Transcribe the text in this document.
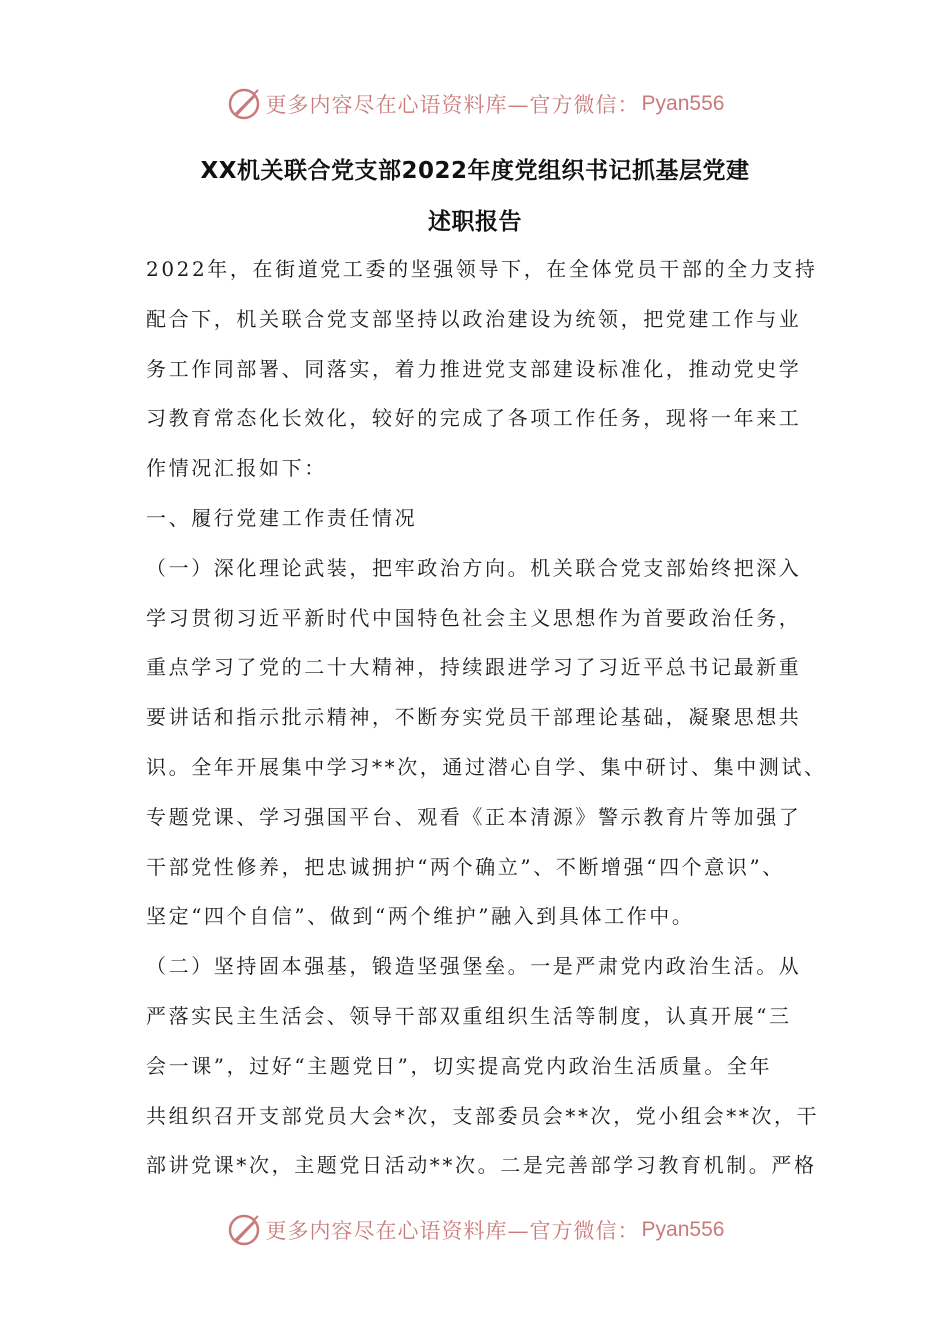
更多内容尽在心语资料库—官方微信： Pyan556
XX机关联合党支部2022年度党组织书记抓基层党建
述职报告
2022年，在街道党工委的坚强领导下，在全体党员干部的全力支持
配合下，机关联合党支部坚持以政治建设为统领，把党建工作与业
务工作同部署、同落实，着力推进党支部建设标准化，推动党史学
习教育常态化长效化，较好的完成了各项工作任务，现将一年来工
作情况汇报如下：
一、履行党建工作责任情况
（一）深化理论武装，把牢政治方向。机关联合党支部始终把深入
学习贯彻习近平新时代中国特色社会主义思想作为首要政治任务，
重点学习了党的二十大精神，持续跟进学习了习近平总书记最新重
要讲话和指示批示精神，不断夯实党员干部理论基础，凝聚思想共
识。全年开展集中学习**次，通过潜心自学、集中研讨、集中测试、
专题党课、学习强国平台、观看《正本清源》警示教育片等加强了
干部党性修养，把忠诚拥护“两个确立”、不断增强“四个意识”、
坚定“四个自信”、做到“两个维护”融入到具体工作中。
（二）坚持固本强基，锻造坚强堡垒。一是严肃党内政治生活。从
严落实民主生活会、领导干部双重组织生活等制度，认真开展“三
会一课”，过好“主题党日”，切实提高党内政治生活质量。全年
共组织召开支部党员大会*次，支部委员会**次，党小组会**次，干
部讲党课*次，主题党日活动**次。二是完善部学习教育机制。严格
更多内容尽在心语资料库—官方微信： Pyan556
